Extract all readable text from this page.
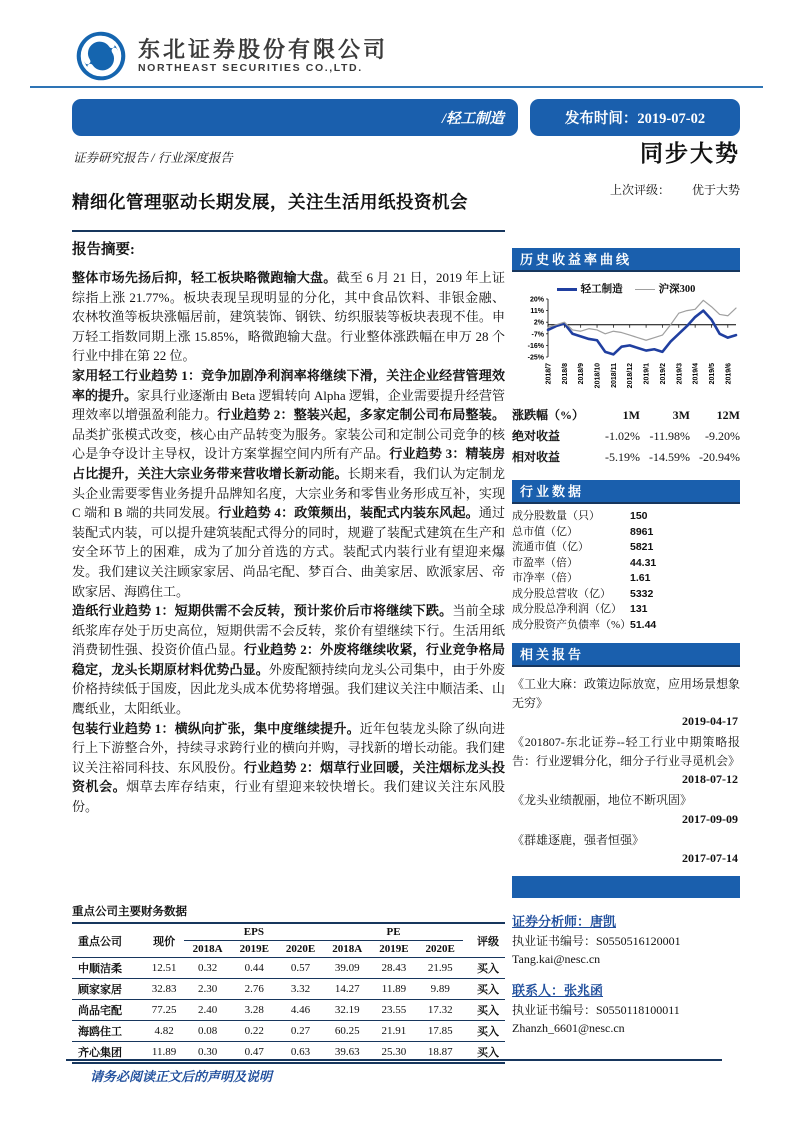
东北证券股份有限公司
NORTHEAST SECURITIES CO.,LTD.
/轻工制造	发布时间：2019-07-02
证券研究报告 / 行业深度报告	同步大势
上次评级： 优于大势
精细化管理驱动长期发展，关注生活用纸投资机会
报告摘要:

整体市场先扬后抑，轻工板块略微跑输大盘。截至 6 月 21 日，2019 年上证综指上涨 21.77%。板块表现呈现明显的分化，其中食品饮料、非银金融、农林牧渔等板块涨幅居前，建筑装饰、钢铁、纺织服装等板块表现不佳。申万轻工指数同期上涨 15.85%，略微跑输大盘。行业整体涨跌幅在申万 28 个行业中排在第 22 位。

家用轻工行业趋势 1：竞争加剧净利润率将继续下滑，关注企业经营管理效率的提升。家具行业逐渐由 Beta 逻辑转向 Alpha 逻辑，企业需要提升经营管理效率以增强盈利能力。行业趋势 2：整装兴起，多家定制公司布局整装。品类扩张模式改变，核心由产品转变为服务。家装公司和定制公司竞争的核心是争夺设计主导权，设计方案掌握空间内所有产品。行业趋势 3：精装房占比提升，关注大宗业务带来营收增长新动能。长期来看，我们认为定制龙头企业需要零售业务提升品牌知名度，大宗业务和零售业务形成互补，实现 C 端和 B 端的共同发展。行业趋势 4：政策频出，装配式内装东风起。通过装配式内装，可以提升建筑装配式得分的同时，规避了装配式建筑在生产和安全环节上的困难，成为了加分首选的方式。装配式内装行业有望迎来爆发。我们建议关注顾家家居、尚品宅配、梦百合、曲美家居、欧派家居、帝欧家居、海鸥住工。

造纸行业趋势 1：短期供需不会反转，预计浆价后市将继续下跌。当前全球纸浆库存处于历史高位，短期供需不会反转，浆价有望继续下行。生活用纸消费韧性强、投资价值凸显。行业趋势 2：外废将继续收紧，行业竞争格局稳定，龙头长期原材料优势凸显。外废配额持续向龙头公司集中，由于外废价格持续低于国废，因此龙头成本优势将增强。我们建议关注中顺洁柔、山鹰纸业，太阳纸业。

包装行业趋势 1：横纵向扩张，集中度继续提升。近年包装龙头除了纵向进行上下游整合外，持续寻求跨行业的横向并购，寻找新的增长动能。我们建议关注裕同科技、东风股份。行业趋势 2：烟草行业回暖，关注烟标龙头投资机会。烟草去库存结束，行业有望迎来较快增长。我们建议关注东风股份。

重点公司主要财务数据
重点公司	现价	EPS			PE			评级
		2018A	2019E	2020E	2018A	2019E	2020E	
中顺洁柔	12.51	0.32	0.44	0.57	39.09	28.43	21.95	买入
顾家家居	32.83	2.30	2.76	3.32	14.27	11.89	9.89	买入
尚品宅配	77.25	2.40	3.28	4.46	32.19	23.55	17.32	买入
海鸥住工	4.82	0.08	0.22	0.27	60.25	21.91	17.85	买入
齐心集团	11.89	0.30	0.47	0.63	39.63	25.30	18.87	买入
历史收益率曲线
轻工制造	沪深300
20%
11%
2%
-7%
-16%
-25%
2018/7 2018/8 2018/9 2018/10 2018/11 2018/12 2019/1 2019/2 2019/3 2019/4 2019/5 2019/6
涨跌幅（%）	1M	3M	12M
绝对收益	-1.02% -11.98%	-9.20%
相对收益	-5.19% -14.59% -20.94%
行业数据
成分股数量（只）	150
总市值（亿）	8961
流通市值（亿）	5821
市盈率（倍）	44.31
市净率（倍）	1.61
成分股总营收（亿）	5332
成分股总净利润（亿） 131
成分股资产负债率（%）
51.44
相关报告

《工业大麻：政策边际放宽，应用场景想象无穷》

2019-04-17

《201807-东北证券--轻工行业中期策略报告：行业逻辑分化，细分子行业寻觅机会》

2018-07-12

《龙头业绩靓丽，地位不断巩固》

2017-09-09

《群雄逐鹿，强者恒强》

2017-07-14
证券分析师：唐凯
执业证书编号：S0550516120001
Tang.kai@nesc.cn
联系人：张兆函
执业证书编号：S0550118100011
Zhanzh_6601@nesc.cn
请务必阅读正文后的声明及说明
